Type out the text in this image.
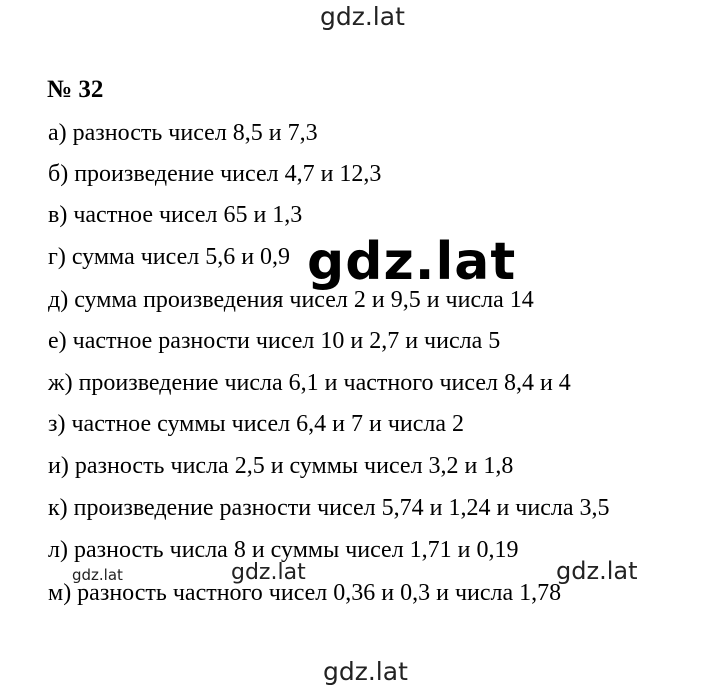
gdz.lat
№ 32
а) разность чисел 8,5 и 7,3
б) произведение чисел 4,7 и 12,3
в) частное чисел 65 и 1,3
г) сумма чисел 5,6 и 0,9
д) сумма произведения чисел 2 и 9,5 и числа 14
е) частное разности чисел 10 и 2,7 и числа 5
ж) произведение числа 6,1 и частного чисел 8,4 и 4
з) частное суммы чисел 6,4 и 7 и числа 2
и) разность числа 2,5 и суммы чисел 3,2 и 1,8
к) произведение разности чисел 5,74 и 1,24 и числа 3,5
л) разность числа 8 и суммы чисел 1,71 и 0,19
м) разность частного чисел 0,36 и 0,3 и числа 1,78
gdz.lat
gdz.lat	gdz.lat	gdz.lat
gdz.lat
